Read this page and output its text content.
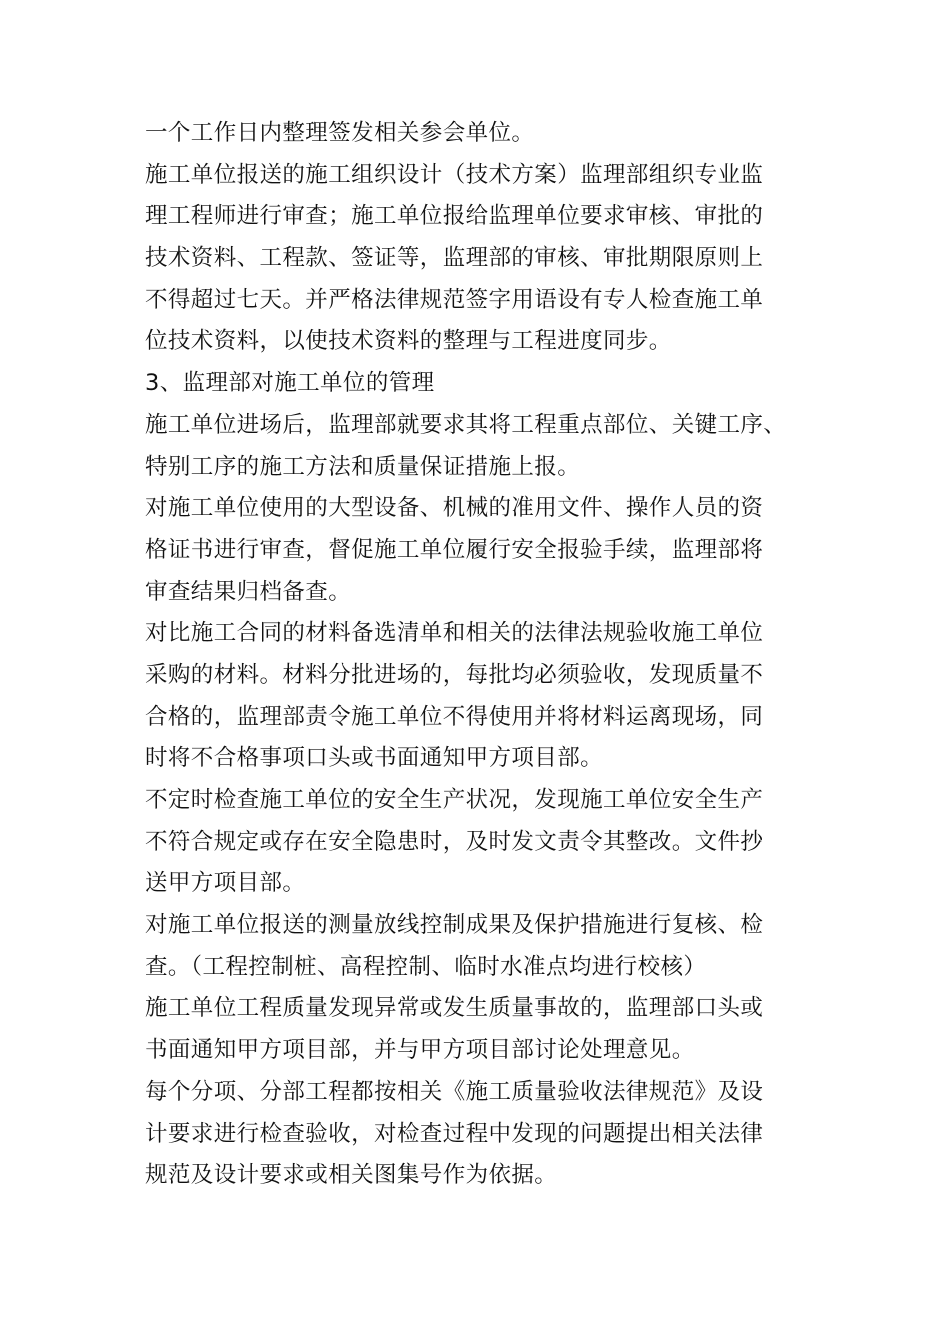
一个工作日内整理签发相关参会单位。
施工单位报送的施工组织设计（技术方案）监理部组织专业监
理工程师进行审查；施工单位报给监理单位要求审核、审批的
技术资料、工程款、签证等，监理部的审核、审批期限原则上
不得超过七天。并严格法律规范签字用语设有专人检查施工单
位技术资料，以使技术资料的整理与工程进度同步。
3、监理部对施工单位的管理
施工单位进场后，监理部就要求其将工程重点部位、关键工序、
特别工序的施工方法和质量保证措施上报。
对施工单位使用的大型设备、机械的准用文件、操作人员的资
格证书进行审查，督促施工单位履行安全报验手续，监理部将
审查结果归档备查。
对比施工合同的材料备选清单和相关的法律法规验收施工单位
采购的材料。材料分批进场的，每批均必须验收，发现质量不
合格的，监理部责令施工单位不得使用并将材料运离现场，同
时将不合格事项口头或书面通知甲方项目部。
不定时检查施工单位的安全生产状况，发现施工单位安全生产
不符合规定或存在安全隐患时，及时发文责令其整改。文件抄
送甲方项目部。
对施工单位报送的测量放线控制成果及保护措施进行复核、检
查。（工程控制桩、高程控制、临时水准点均进行校核）
施工单位工程质量发现异常或发生质量事故的，监理部口头或
书面通知甲方项目部，并与甲方项目部讨论处理意见。
每个分项、分部工程都按相关《施工质量验收法律规范》及设
计要求进行检查验收，对检查过程中发现的问题提出相关法律
规范及设计要求或相关图集号作为依据。
